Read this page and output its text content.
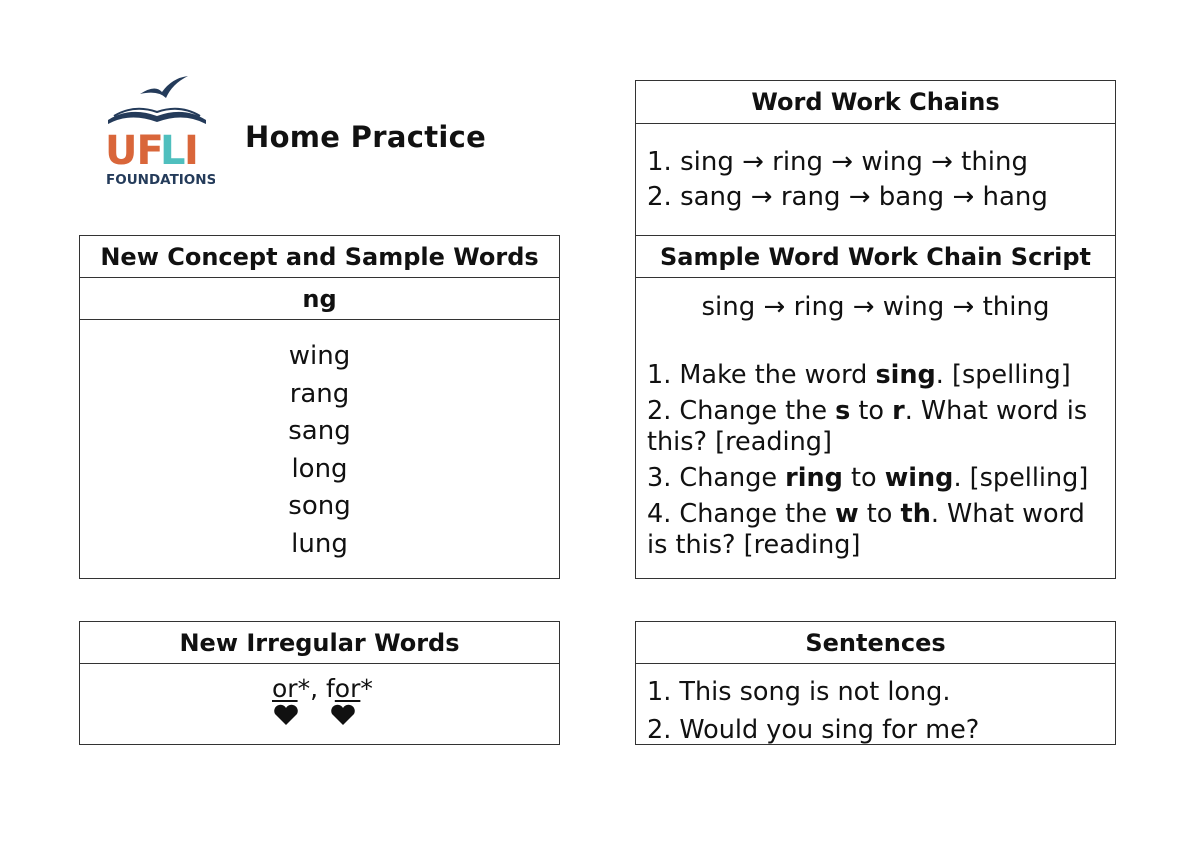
UF
L I
FOUNDATIONS
Home Practice
New Concept and Sample Words
ng
wing
rang
sang
long
song
lung
New Irregular Words
or*, for*
Word Work Chains
1. sing → ring → wing → thing
2. sang → rang → bang → hang
Sample Word Work Chain Script
sing → ring → wing → thing
1. Make the word sing. [spelling]
2. Change the s to r. What word is this? [reading]
3. Change ring to wing. [spelling]
4. Change the w to th. What word is this? [reading]
Sentences
1. This song is not long.
2. Would you sing for me?
